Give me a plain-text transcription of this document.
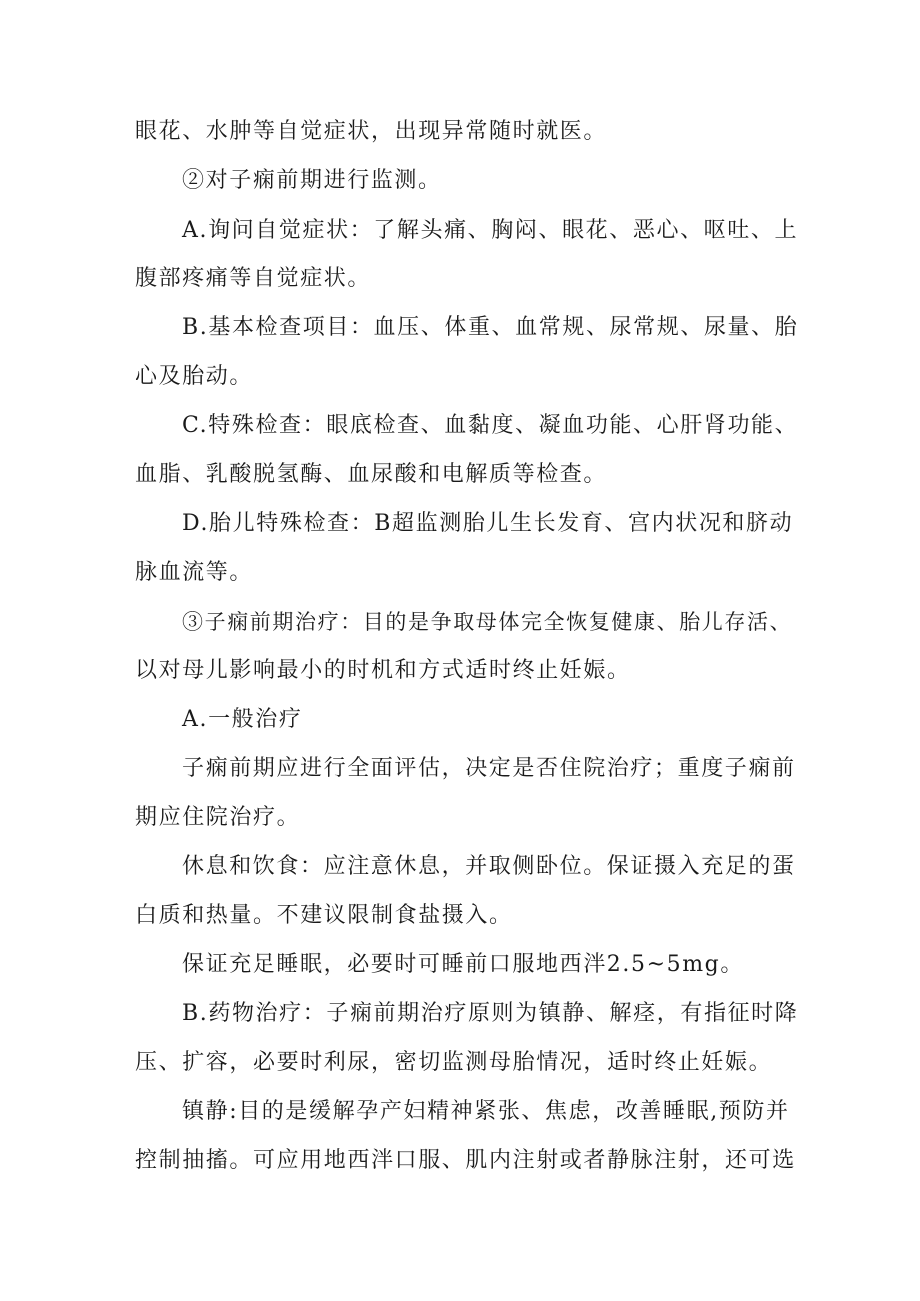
眼花、水肿等自觉症状，出现异常随时就医。
②对子痫前期进行监测。
A.询问自觉症状：了解头痛、胸闷、眼花、恶心、呕吐、上
腹部疼痛等自觉症状。
B.基本检查项目：血压、体重、血常规、尿常规、尿量、胎
心及胎动。
C.特殊检查：眼底检查、血黏度、凝血功能、心肝肾功能、
血脂、乳酸脱氢酶、血尿酸和电解质等检查。
D.胎儿特殊检查：B超监测胎儿生长发育、宫内状况和脐动
脉血流等。
③子痫前期治疗：目的是争取母体完全恢复健康、胎儿存活、
以对母儿影响最小的时机和方式适时终止妊娠。
A.一般治疗
子痫前期应进行全面评估，决定是否住院治疗；重度子痫前
期应住院治疗。
休息和饮食：应注意休息，并取侧卧位。保证摄入充足的蛋
白质和热量。不建议限制食盐摄入。
保证充足睡眠，必要时可睡前口服地西泮2.5~5mg。
B.药物治疗：子痫前期治疗原则为镇静、解痉，有指征时降
压、扩容，必要时利尿，密切监测母胎情况，适时终止妊娠。
镇静:目的是缓解孕产妇精神紧张、焦虑，改善睡眠,预防并
控制抽搐。可应用地西泮口服、肌内注射或者静脉注射，还可选
